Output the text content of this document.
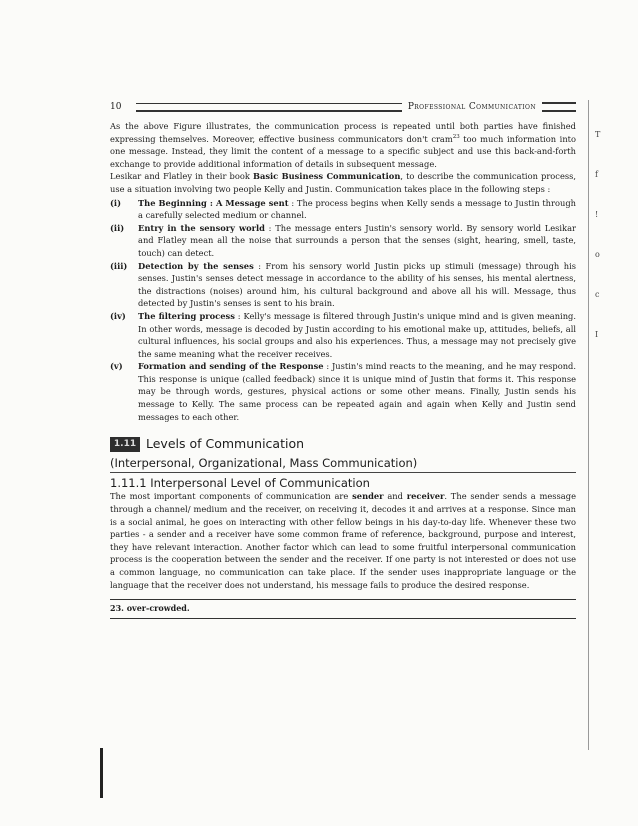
T
f
!
o
c
I
10	Professional Communication

As the above Figure illustrates, the communication process is repeated until both parties have finished expressing themselves. Moreover, effective business communicators don't cram$^{23}$ too much information into one message. Instead, they limit the content of a message to a specific subject and use this back-and-forth exchange to provide additional information of details in subsequent message.

Lesikar and Flatley in their book Basic Business Communication, to describe the communication process, use a situation involving two people Kelly and Justin. Communication takes place in the following steps :

(i)	The Beginning : A Message sent : The process begins when Kelly sends a message to Justin through a carefully selected medium or channel.
(ii)	Entry in the sensory world : The message enters Justin's sensory world. By sensory world Lesikar and Flatley mean all the noise that surrounds a person that the senses (sight, hearing, smell, taste, touch) can detect.
(iii)	Detection by the senses : From his sensory world Justin picks up stimuli (message) through his senses. Justin's senses detect message in accordance to the ability of his senses, his mental alertness, the distractions (noises) around him, his cultural background and above all his will. Message, thus detected by Justin's senses is sent to his brain.
(iv)	The filtering process : Kelly's message is filtered through Justin's unique mind and is given meaning. In other words, message is decoded by Justin according to his emotional make up, attitudes, beliefs, all cultural influences, his social groups and also his experiences. Thus, a message may not precisely give the same meaning what the receiver receives.
(v)	Formation and sending of the Response : Justin's mind reacts to the meaning, and he may respond. This response is unique (called feedback) since it is unique mind of Justin that forms it. This response may be through words, gestures, physical actions or some other means. Finally, Justin sends his message to Kelly. The same process can be repeated again and again when Kelly and Justin send messages to each other.
1.11 Levels of Communication
(Interpersonal, Organizational, Mass Communication)
1.11.1 Interpersonal Level of Communication

The most important components of communication are sender and receiver. The sender sends a message through a channel/ medium and the receiver, on receiving it, decodes it and arrives at a response. Since man is a social animal, he goes on interacting with other fellow beings in his day-to-day life. Whenever these two parties - a sender and a receiver have some common frame of reference, background, purpose and interest, they have relevant interaction. Another factor which can lead to some fruitful interpersonal communication process is the cooperation between the sender and the receiver. If one party is not interested or does not use a common language, no communication can take place. If the sender uses inappropriate language or the language that the receiver does not understand, his message fails to produce the desired response.

23. over-crowded.
